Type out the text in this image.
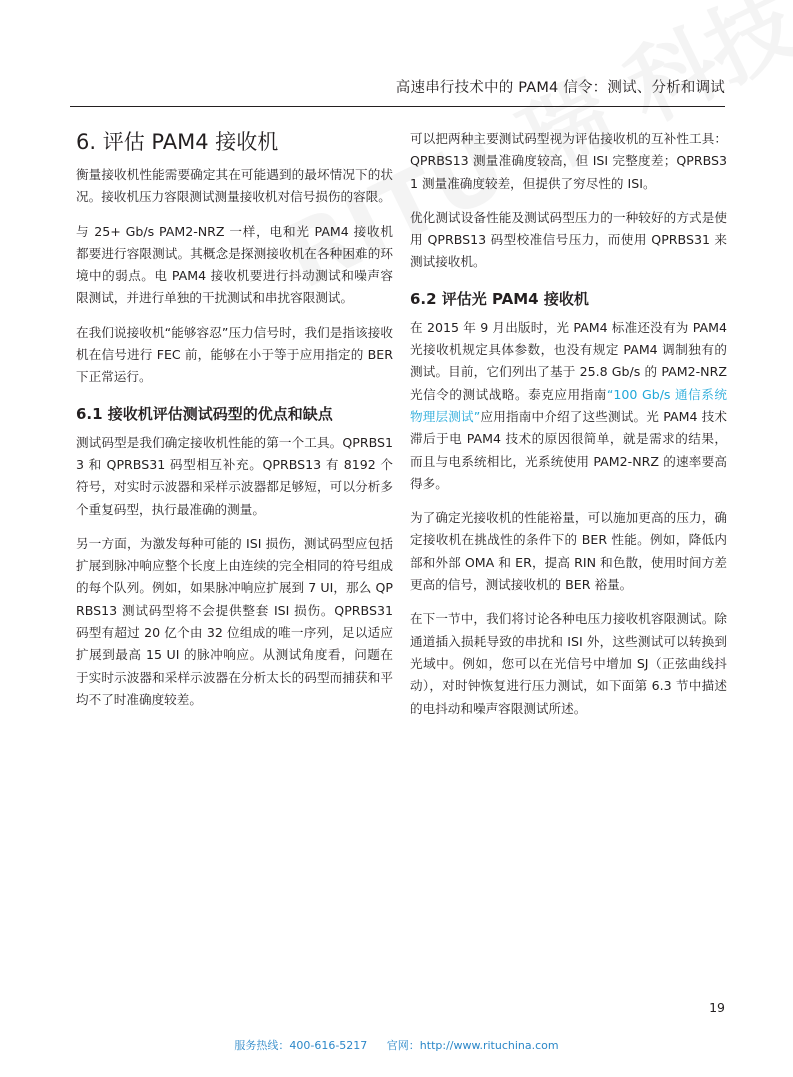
高速串行技术中的 PAM4 信令：测试、分析和调试
6. 评估 PAM4 接收机

衡量接收机性能需要确定其在可能遇到的最坏情况下的状况。接收机压力容限测试测量接收机对信号损伤的容限。

与 25+ Gb/s PAM2-NRZ 一样，电和光 PAM4 接收机都要进行容限测试。其概念是探测接收机在各种困难的环境中的弱点。电 PAM4 接收机要进行抖动测试和噪声容限测试，并进行单独的干扰测试和串扰容限测试。

在我们说接收机“能够容忍”压力信号时，我们是指该接收机在信号进行 FEC 前，能够在小于等于应用指定的 BER 下正常运行。

6.1 接收机评估测试码型的优点和缺点

测试码型是我们确定接收机性能的第一个工具。QPRBS13 和 QPRBS31 码型相互补充。QPRBS13 有 8192 个符号，对实时示波器和采样示波器都足够短，可以分析多个重复码型，执行最准确的测量。

另一方面，为激发每种可能的 ISI 损伤，测试码型应包括扩展到脉冲响应整个长度上由连续的完全相同的符号组成的每个队列。例如，如果脉冲响应扩展到 7 UI，那么 QPRBS13 测试码型将不会提供整套 ISI 损伤。QPRBS31 码型有超过 20 亿个由 32 位组成的唯一序列，足以适应扩展到最高 15 UI 的脉冲响应。从测试角度看，问题在于实时示波器和采样示波器在分析太长的码型而捕获和平均不了时准确度较差。

可以把两种主要测试码型视为评估接收机的互补性工具：QPRBS13 测量准确度较高，但 ISI 完整度差；QPRBS31 测量准确度较差，但提供了穷尽性的 ISI。

优化测试设备性能及测试码型压力的一种较好的方式是使用 QPRBS13 码型校准信号压力，而使用 QPRBS31 来测试接收机。

6.2 评估光 PAM4 接收机

在 2015 年 9 月出版时，光 PAM4 标准还没有为 PAM4 光接收机规定具体参数，也没有规定 PAM4 调制独有的测试。目前，它们列出了基于 25.8 Gb/s 的 PAM2-NRZ 光信令的测试战略。泰克应用指南“100 Gb/s 通信系统物理层测试”应用指南中介绍了这些测试。光 PAM4 技术滞后于电 PAM4 技术的原因很简单，就是需求的结果，而且与电系统相比，光系统使用 PAM2-NRZ 的速率要高得多。

为了确定光接收机的性能裕量，可以施加更高的压力，确定接收机在挑战性的条件下的 BER 性能。例如，降低内部和外部 OMA 和 ER，提高 RIN 和色散，使用时间方差更高的信号，测试接收机的 BER 裕量。

在下一节中，我们将讨论各种电压力接收机容限测试。除通道插入损耗导致的串扰和 ISI 外，这些测试可以转换到光域中。例如，您可以在光信号中增加 SJ（正弦曲线抖动），对时钟恢复进行压力测试，如下面第 6.3 节中描述的电抖动和噪声容限测试所述。

19
服务热线：400-616-5217 官网：http://www.rituchina.com
